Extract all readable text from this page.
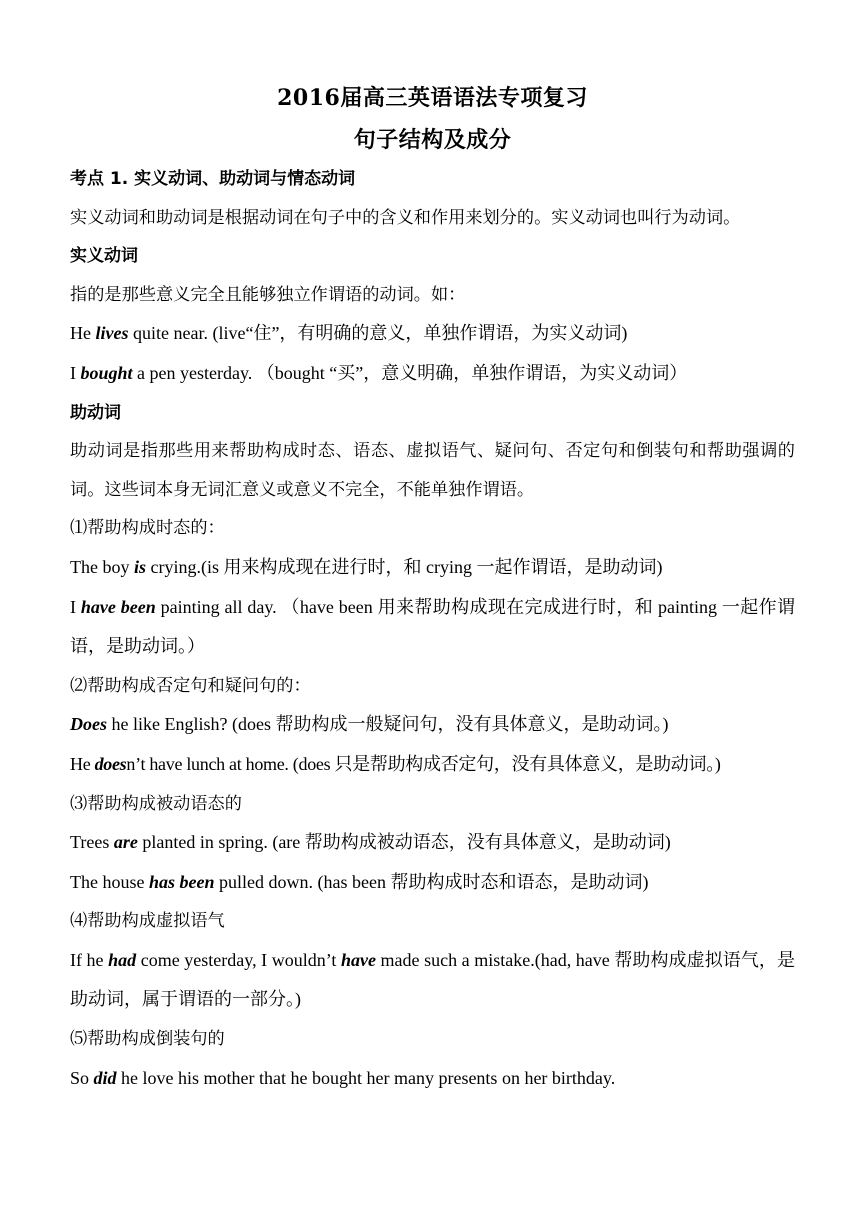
2016届高三英语语法专项复习

句子结构及成分

考点 1. 实义动词、助动词与情态动词

实义动词和助动词是根据动词在句子中的含义和作用来划分的。实义动词也叫行为动词。

实义动词

指的是那些意义完全且能够独立作谓语的动词。如：

He lives quite near. (live“住”，有明确的意义，单独作谓语，为实义动词)

I bought a pen yesterday. （bought “买”，意义明确，单独作谓语，为实义动词）

助动词

助动词是指那些用来帮助构成时态、语态、虚拟语气、疑问句、否定句和倒装句和帮助强调的词。这些词本身无词汇意义或意义不完全，不能单独作谓语。

⑴帮助构成时态的：

The boy is crying.(is 用来构成现在进行时，和 crying 一起作谓语，是助动词)

I have been painting all day. （have been 用来帮助构成现在完成进行时，和 painting 一起作谓语，是助动词。）

⑵帮助构成否定句和疑问句的：

Does he like English? (does 帮助构成一般疑问句，没有具体意义，是助动词。)

He doesn’t have lunch at home. (does 只是帮助构成否定句，没有具体意义，是助动词。)

⑶帮助构成被动语态的

Trees are planted in spring. (are 帮助构成被动语态，没有具体意义，是助动词)

The house has been pulled down. (has been 帮助构成时态和语态，是助动词)

⑷帮助构成虚拟语气

If he had come yesterday, I wouldn’t have made such a mistake.(had, have 帮助构成虚拟语气，是助动词，属于谓语的一部分。)

⑸帮助构成倒装句的

So did he love his mother that he bought her many presents on her birthday.
